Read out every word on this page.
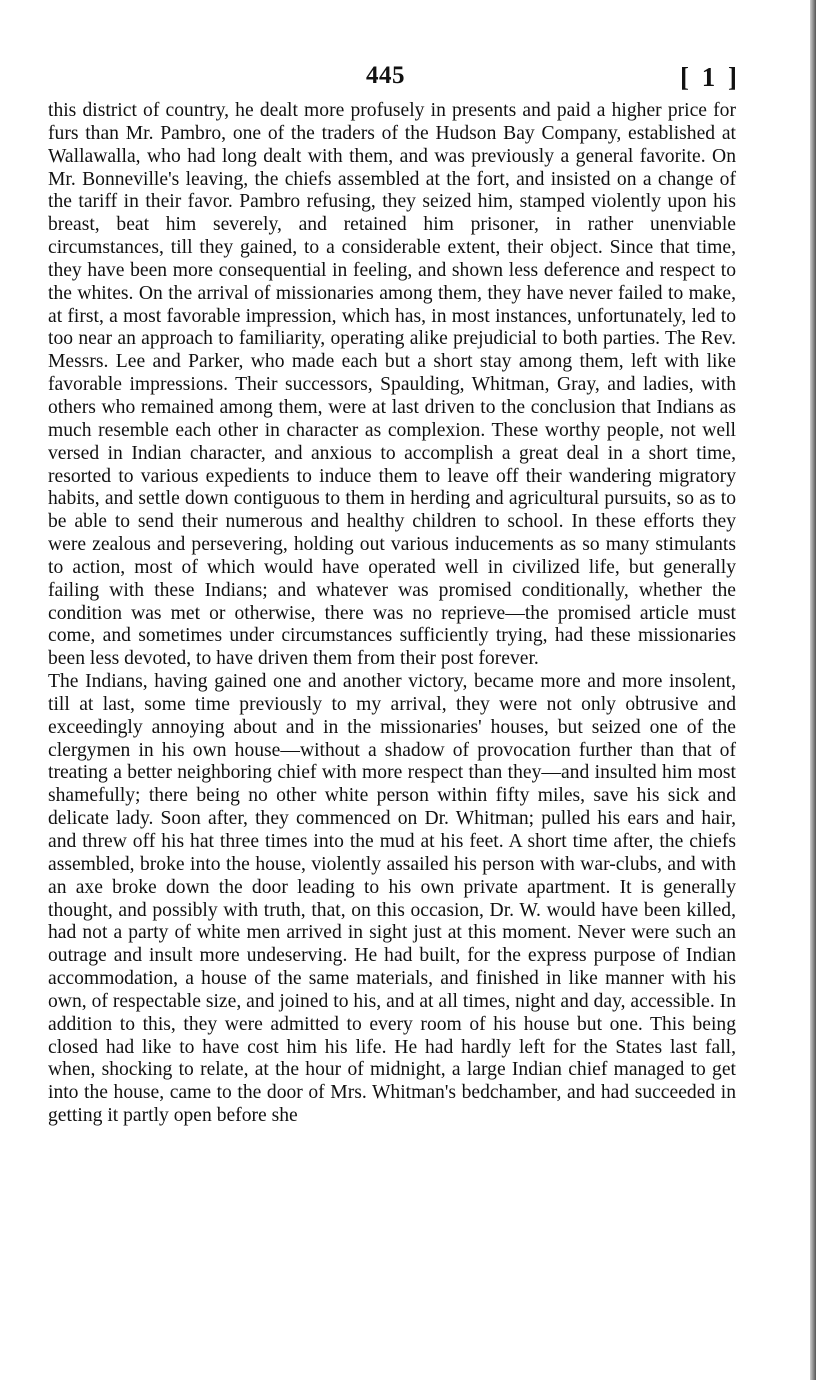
445	[ 1 ]

this district of country, he dealt more profusely in presents and paid a higher price for furs than Mr. Pambro, one of the traders of the Hudson Bay Company, established at Wallawalla, who had long dealt with them, and was previously a general favorite. On Mr. Bonneville's leaving, the chiefs assembled at the fort, and insisted on a change of the tariff in their favor. Pambro refusing, they seized him, stamped violently upon his breast, beat him severely, and retained him prisoner, in rather unenviable circumstances, till they gained, to a considerable extent, their object. Since that time, they have been more consequential in feeling, and shown less deference and respect to the whites. On the arrival of missionaries among them, they have never failed to make, at first, a most favorable impression, which has, in most instances, unfortunately, led to too near an approach to familiarity, operating alike prejudicial to both parties. The Rev. Messrs. Lee and Parker, who made each but a short stay among them, left with like favorable impressions. Their successors, Spaulding, Whitman, Gray, and ladies, with others who remained among them, were at last driven to the conclusion that Indians as much resemble each other in character as complexion. These worthy people, not well versed in Indian character, and anxious to accomplish a great deal in a short time, resorted to various expedients to induce them to leave off their wandering migratory habits, and settle down contiguous to them in herding and agricultural pursuits, so as to be able to send their numerous and healthy children to school. In these efforts they were zealous and persevering, holding out various inducements as so many stimulants to action, most of which would have operated well in civilized life, but generally failing with these Indians; and whatever was promised conditionally, whether the condition was met or otherwise, there was no reprieve—the promised article must come, and sometimes under circumstances sufficiently trying, had these missionaries been less devoted, to have driven them from their post forever.

The Indians, having gained one and another victory, became more and more insolent, till at last, some time previously to my arrival, they were not only obtrusive and exceedingly annoying about and in the missionaries' houses, but seized one of the clergymen in his own house—without a shadow of provocation further than that of treating a better neighboring chief with more respect than they—and insulted him most shamefully; there being no other white person within fifty miles, save his sick and delicate lady. Soon after, they commenced on Dr. Whitman; pulled his ears and hair, and threw off his hat three times into the mud at his feet. A short time after, the chiefs assembled, broke into the house, violently assailed his person with war-clubs, and with an axe broke down the door leading to his own private apartment. It is generally thought, and possibly with truth, that, on this occasion, Dr. W. would have been killed, had not a party of white men arrived in sight just at this moment. Never were such an outrage and insult more undeserving. He had built, for the express purpose of Indian accommodation, a house of the same materials, and finished in like manner with his own, of respectable size, and joined to his, and at all times, night and day, accessible. In addition to this, they were admitted to every room of his house but one. This being closed had like to have cost him his life. He had hardly left for the States last fall, when, shocking to relate, at the hour of midnight, a large Indian chief managed to get into the house, came to the door of Mrs. Whitman's bedchamber, and had succeeded in getting it partly open before she
